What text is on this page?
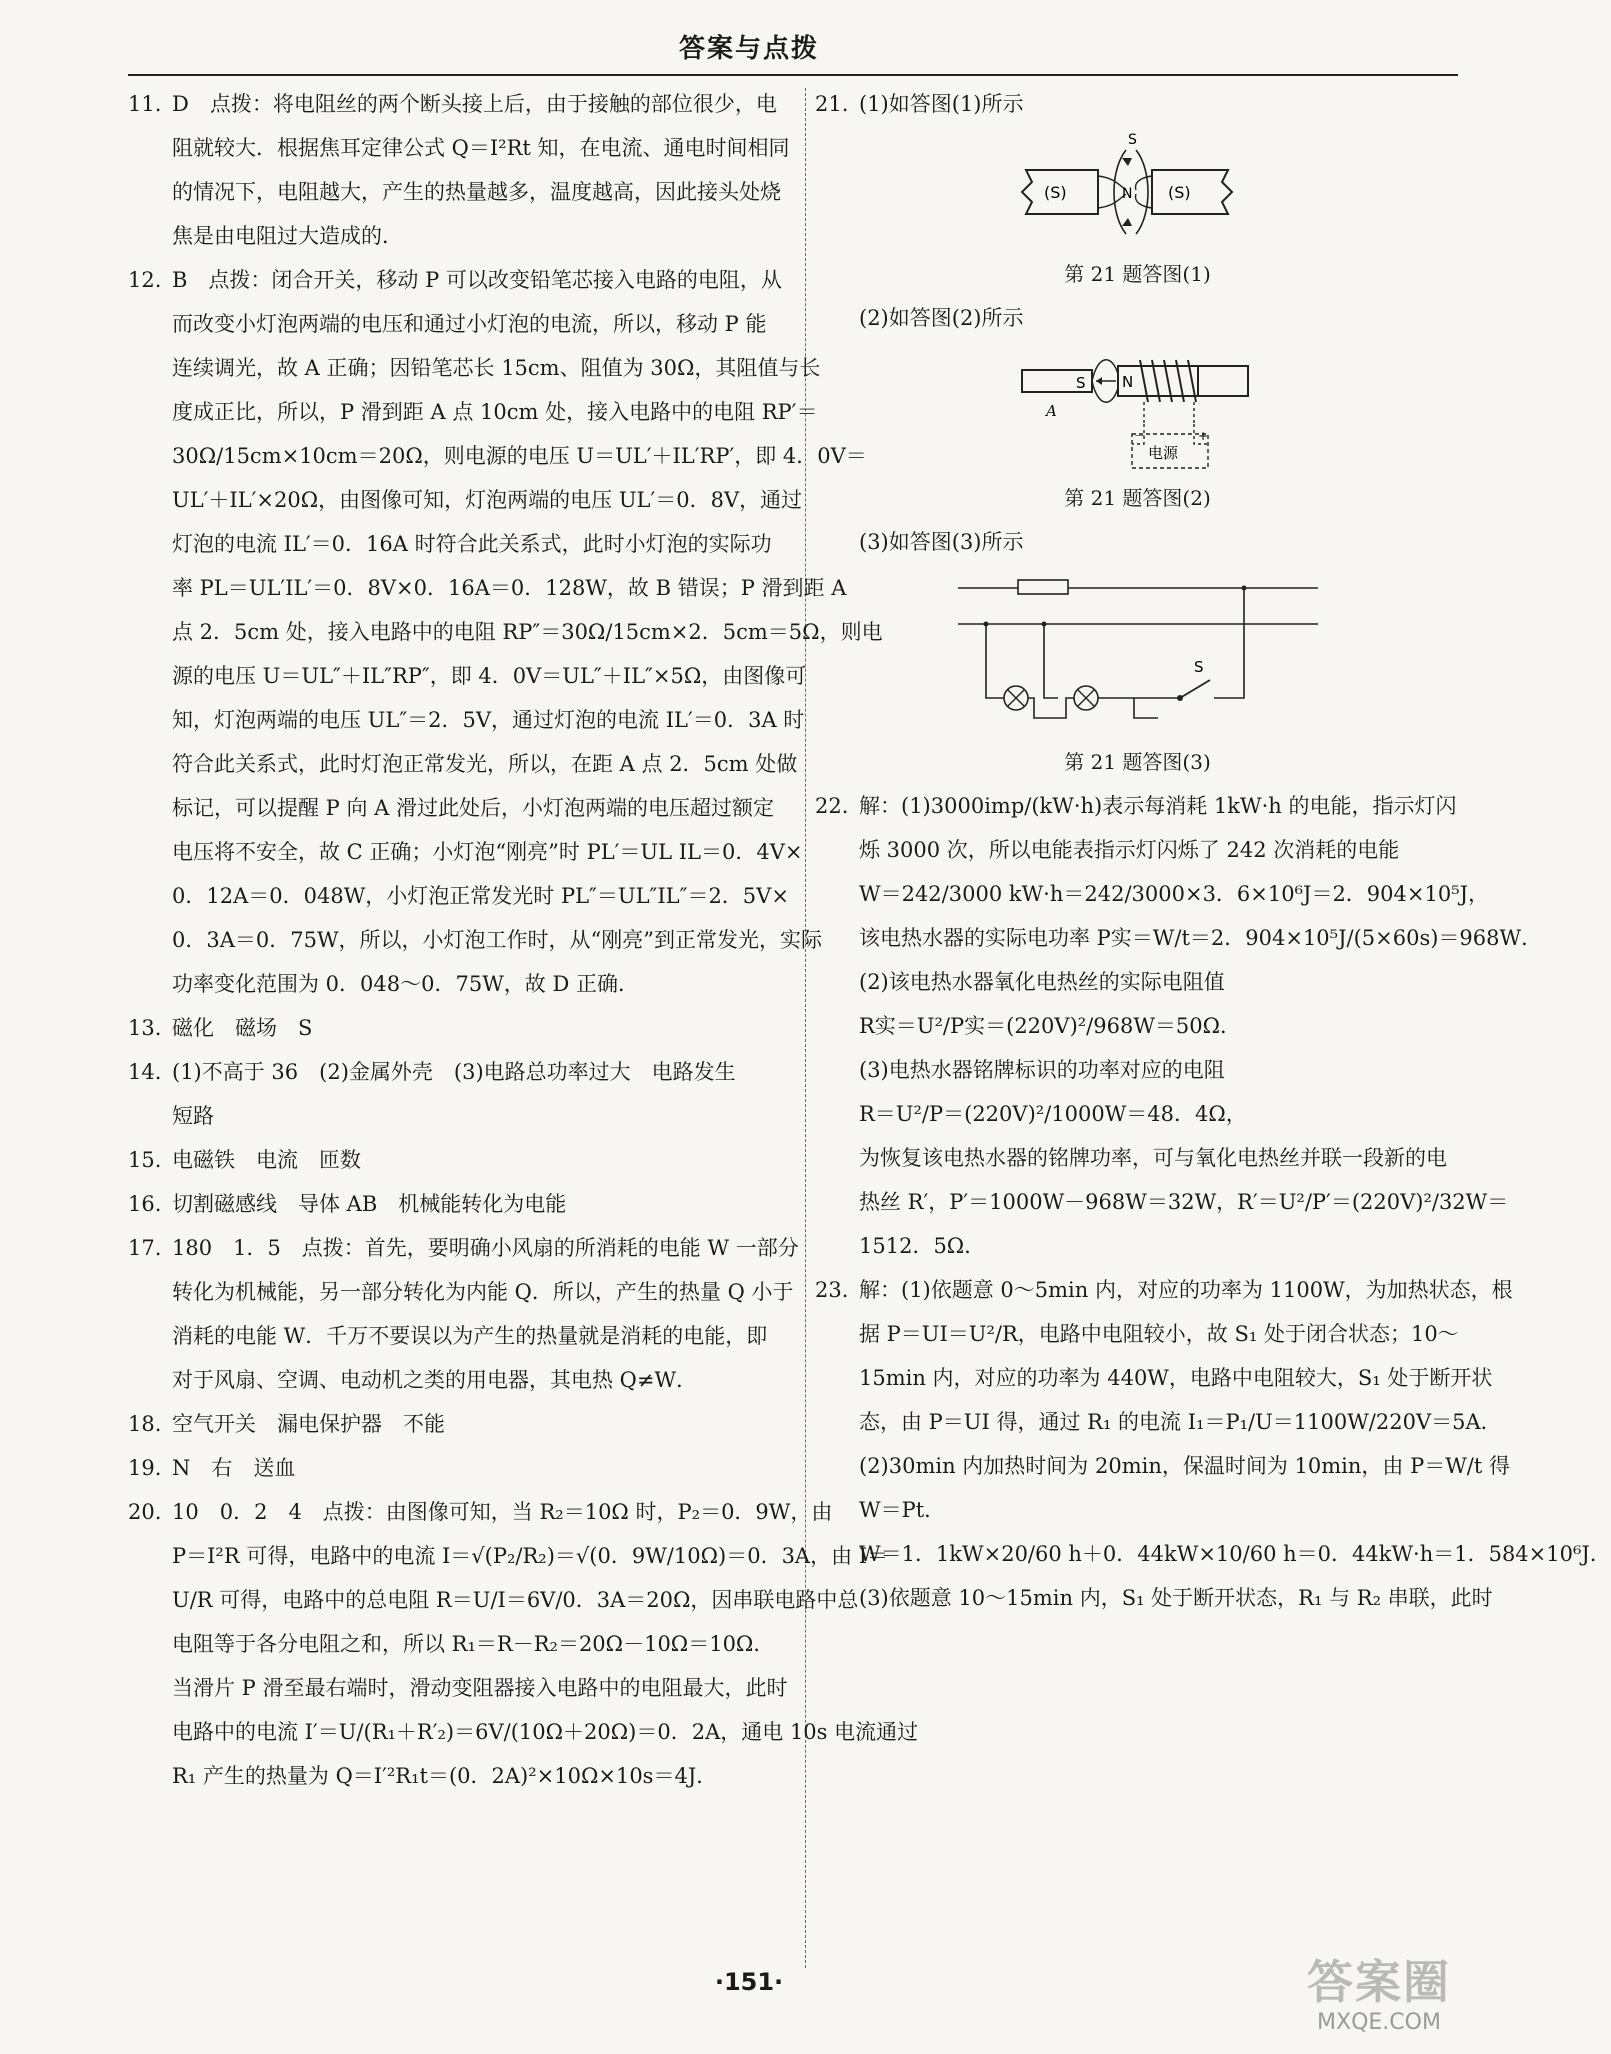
答案与点拨
11. D　点拨：将电阻丝的两个断头接上后，由于接触的部位很少，电
阻就较大．根据焦耳定律公式 Q＝I²Rt 知，在电流、通电时间相同
的情况下，电阻越大，产生的热量越多，温度越高，因此接头处烧
焦是由电阻过大造成的．
12. B　点拨：闭合开关，移动 P 可以改变铅笔芯接入电路的电阻，从
而改变小灯泡两端的电压和通过小灯泡的电流，所以，移动 P 能
连续调光，故 A 正确；因铅笔芯长 15cm、阻值为 30Ω，其阻值与长
度成正比，所以，P 滑到距 A 点 10cm 处，接入电路中的电阻 RP′＝
30Ω/15cm×10cm＝20Ω，则电源的电压 U＝UL′＋IL′RP′，即 4．0V＝
UL′＋IL′×20Ω，由图像可知，灯泡两端的电压 UL′＝0．8V，通过
灯泡的电流 IL′＝0．16A 时符合此关系式，此时小灯泡的实际功
率 PL＝UL′IL′＝0．8V×0．16A＝0．128W，故 B 错误；P 滑到距 A
点 2．5cm 处，接入电路中的电阻 RP″＝30Ω/15cm×2．5cm＝5Ω，则电
源的电压 U＝UL″＋IL″RP″，即 4．0V＝UL″＋IL″×5Ω，由图像可
知，灯泡两端的电压 UL″＝2．5V，通过灯泡的电流 IL′＝0．3A 时
符合此关系式，此时灯泡正常发光，所以，在距 A 点 2．5cm 处做
标记，可以提醒 P 向 A 滑过此处后，小灯泡两端的电压超过额定
电压将不安全，故 C 正确；小灯泡“刚亮”时 PL′＝UL IL＝0．4V×
0．12A＝0．048W，小灯泡正常发光时 PL″＝UL″IL″＝2．5V×
0．3A＝0．75W，所以，小灯泡工作时，从“刚亮”到正常发光，实际
功率变化范围为 0．048～0．75W，故 D 正确．
13. 磁化　磁场　S
14. (1)不高于 36　(2)金属外壳　(3)电路总功率过大　电路发生
短路
15. 电磁铁　电流　匝数
16. 切割磁感线　导体 AB　机械能转化为电能
17. 180　1．5　点拨：首先，要明确小风扇的所消耗的电能 W 一部分
转化为机械能，另一部分转化为内能 Q．所以，产生的热量 Q 小于
消耗的电能 W．千万不要误以为产生的热量就是消耗的电能，即
对于风扇、空调、电动机之类的用电器，其电热 Q≠W．
18. 空气开关　漏电保护器　不能
19. N　右　送血
20. 10　0．2　4　点拨：由图像可知，当 R₂＝10Ω 时，P₂＝0．9W，由
P＝I²R 可得，电路中的电流 I＝√(P₂/R₂)＝√(0．9W/10Ω)＝0．3A，由 I＝
U/R 可得，电路中的总电阻 R＝U/I＝6V/0．3A＝20Ω，因串联电路中总
电阻等于各分电阻之和，所以 R₁＝R－R₂＝20Ω－10Ω＝10Ω．
当滑片 P 滑至最右端时，滑动变阻器接入电路中的电阻最大，此时
电路中的电流 I′＝U/(R₁＋R′₂)＝6V/(10Ω＋20Ω)＝0．2A，通电 10s 电流通过
R₁ 产生的热量为 Q＝I′²R₁t＝(0．2A)²×10Ω×10s＝4J．
21. (1)如答图(1)所示
S
(S)	(S)
N

第 21 题答图(1)

(2)如答图(2)所示
S
A
N
电源
－	+

第 21 题答图(2)

(3)如答图(3)所示
S

第 21 题答图(3)

22. 解：(1)3000imp/(kW·h)表示每消耗 1kW·h 的电能，指示灯闪
烁 3000 次，所以电能表指示灯闪烁了 242 次消耗的电能
W＝242/3000 kW·h＝242/3000×3．6×10⁶J＝2．904×10⁵J，
该电热水器的实际电功率 P实＝W/t＝2．904×10⁵J/(5×60s)＝968W．
(2)该电热水器氧化电热丝的实际电阻值
R实＝U²/P实＝(220V)²/968W＝50Ω．
(3)电热水器铭牌标识的功率对应的电阻
R＝U²/P＝(220V)²/1000W＝48．4Ω，
为恢复该电热水器的铭牌功率，可与氧化电热丝并联一段新的电
热丝 R′，P′＝1000W－968W＝32W，R′＝U²/P′＝(220V)²/32W＝
1512．5Ω．
23. 解：(1)依题意 0～5min 内，对应的功率为 1100W，为加热状态，根
据 P＝UI＝U²/R，电路中电阻较小，故 S₁ 处于闭合状态；10～
15min 内，对应的功率为 440W，电路中电阻较大，S₁ 处于断开状
态，由 P＝UI 得，通过 R₁ 的电流 I₁＝P₁/U＝1100W/220V＝5A．
(2)30min 内加热时间为 20min，保温时间为 10min，由 P＝W/t 得
W＝Pt．
W＝1．1kW×20/60 h＋0．44kW×10/60 h＝0．44kW·h＝1．584×10⁶J．
(3)依题意 10～15min 内，S₁ 处于断开状态，R₁ 与 R₂ 串联，此时
·151·	答案圈
MXQE.COM
